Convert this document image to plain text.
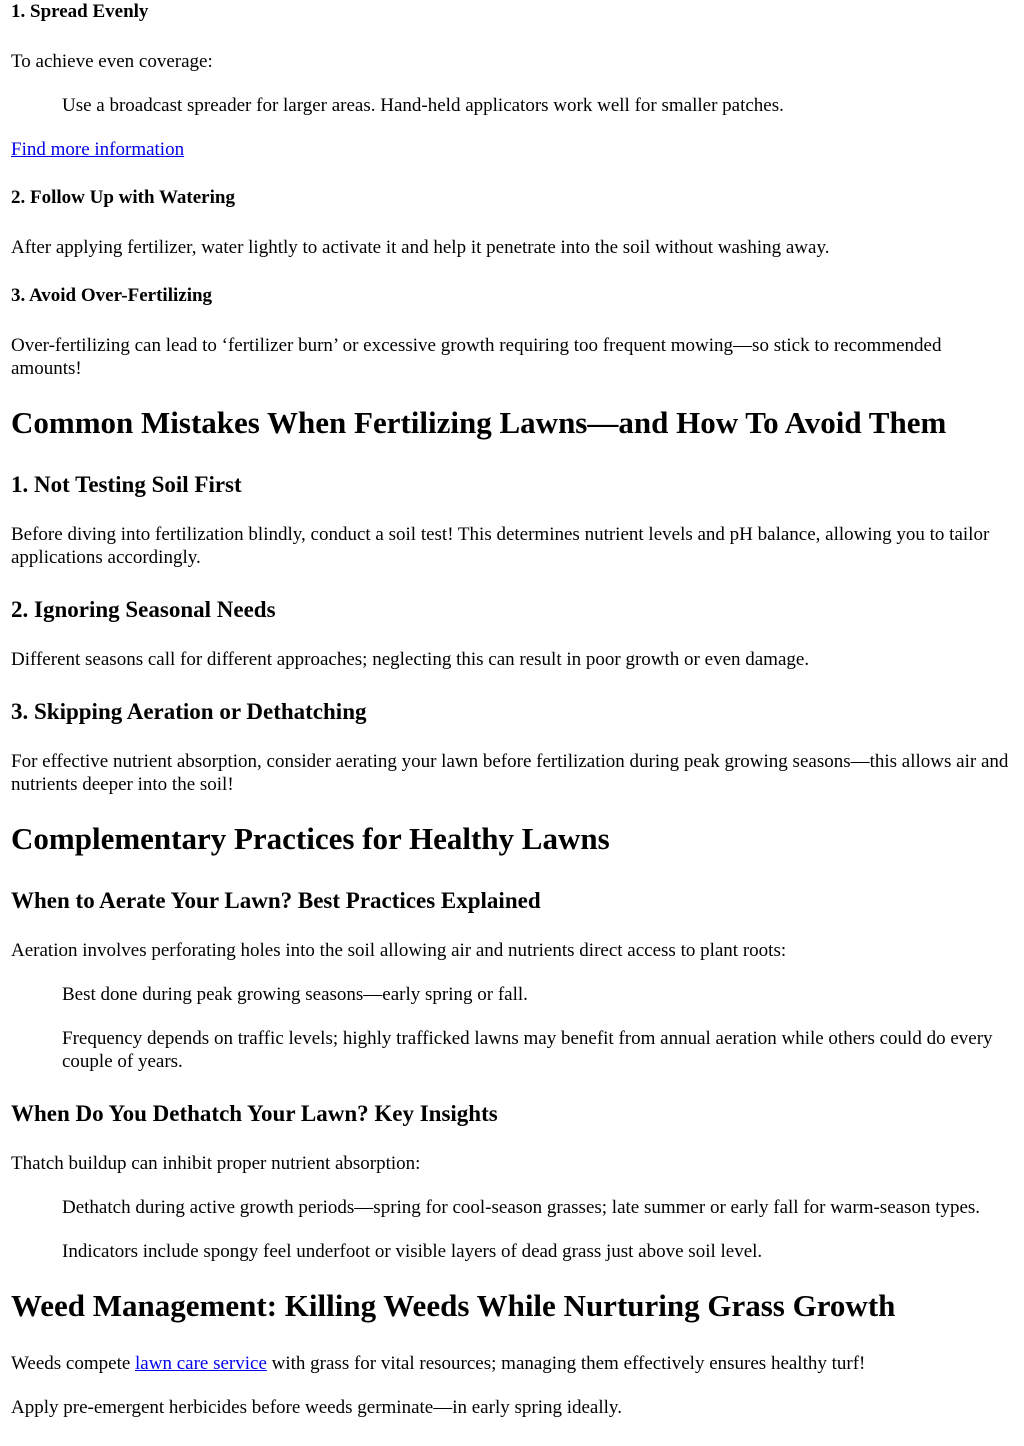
1. Spread Evenly

To achieve even coverage:

Use a broadcast spreader for larger areas. Hand-held applicators work well for smaller patches.

Find more information

2. Follow Up with Watering

After applying fertilizer, water lightly to activate it and help it penetrate into the soil without washing away.

3. Avoid Over-Fertilizing

Over-fertilizing can lead to ‘fertilizer burn’ or excessive growth requiring too frequent mowing—so stick to recommended amounts!

Common Mistakes When Fertilizing Lawns—and How To Avoid Them
1. Not Testing Soil First

Before diving into fertilization blindly, conduct a soil test! This determines nutrient levels and pH balance, allowing you to tailor applications accordingly.

2. Ignoring Seasonal Needs

Different seasons call for different approaches; neglecting this can result in poor growth or even damage.

3. Skipping Aeration or Dethatching

For effective nutrient absorption, consider aerating your lawn before fertilization during peak growing seasons—this allows air and nutrients deeper into the soil!

Complementary Practices for Healthy Lawns
When to Aerate Your Lawn? Best Practices Explained

Aeration involves perforating holes into the soil allowing air and nutrients direct access to plant roots:

Best done during peak growing seasons—early spring or fall.

Frequency depends on traffic levels; highly trafficked lawns may benefit from annual aeration while others could do every couple of years.

When Do You Dethatch Your Lawn? Key Insights

Thatch buildup can inhibit proper nutrient absorption:

Dethatch during active growth periods—spring for cool-season grasses; late summer or early fall for warm-season types.

Indicators include spongy feel underfoot or visible layers of dead grass just above soil level.

Weed Management: Killing Weeds While Nurturing Grass Growth

Weeds compete lawn care service with grass for vital resources; managing them effectively ensures healthy turf!

Apply pre-emergent herbicides before weeds germinate—in early spring ideally.
